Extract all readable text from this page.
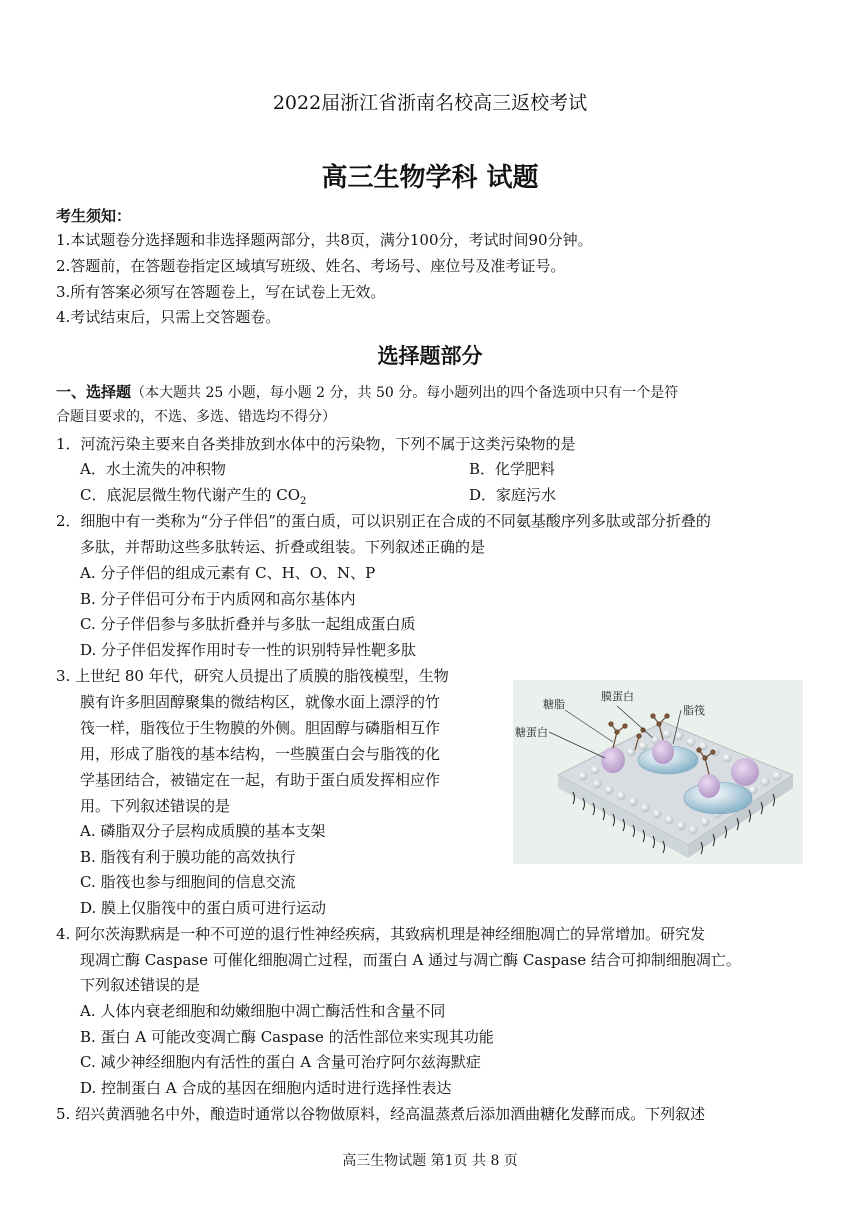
2022届浙江省浙南名校高三返校考试
高三生物学科 试题
考生须知：
1.本试题卷分选择题和非选择题两部分，共8页，满分100分，考试时间90分钟。
2.答题前，在答题卷指定区域填写班级、姓名、考场号、座位号及准考证号。
3.所有答案必须写在答题卷上，写在试卷上无效。
4.考试结束后，只需上交答题卷。
选择题部分
一、选择题（本大题共 25 小题，每小题 2 分，共 50 分。每小题列出的四个备选项中只有一个是符
合题目要求的，不选、多选、错选均不得分）
1．河流污染主要来自各类排放到水体中的污染物，下列不属于这类污染物的是
A．水土流失的冲积物	B．化学肥料
C．底泥层微生物代谢产生的 $CO_2$	D．家庭污水
2．细胞中有一类称为“分子伴侣”的蛋白质，可以识别正在合成的不同氨基酸序列多肽或部分折叠的
多肽，并帮助这些多肽转运、折叠或组装。下列叙述正确的是
A. 分子伴侣的组成元素有 C、H、O、N、P
B. 分子伴侣可分布于内质网和高尔基体内
C. 分子伴侣参与多肽折叠并与多肽一起组成蛋白质
D. 分子伴侣发挥作用时专一性的识别特异性靶多肽
3. 上世纪 80 年代，研究人员提出了质膜的脂筏模型，生物
膜有许多胆固醇聚集的微结构区，就像水面上漂浮的竹
筏一样，脂筏位于生物膜的外侧。胆固醇与磷脂相互作
用，形成了脂筏的基本结构，一些膜蛋白会与脂筏的化
学基团结合，被锚定在一起，有助于蛋白质发挥相应作
用。下列叙述错误的是
A. 磷脂双分子层构成质膜的基本支架
B. 脂筏有利于膜功能的高效执行
C. 脂筏也参与细胞间的信息交流
D. 膜上仅脂筏中的蛋白质可进行运动
糖脂
膜蛋白
脂筏
糖蛋白
4. 阿尔茨海默病是一种不可逆的退行性神经疾病，其致病机理是神经细胞凋亡的异常增加。研究发
现凋亡酶 Caspase 可催化细胞凋亡过程，而蛋白 A 通过与凋亡酶 Caspase 结合可抑制细胞凋亡。
下列叙述错误的是
A. 人体内衰老细胞和幼嫩细胞中凋亡酶活性和含量不同
B. 蛋白 A 可能改变凋亡酶 Caspase 的活性部位来实现其功能
C. 减少神经细胞内有活性的蛋白 A 含量可治疗阿尔兹海默症
D. 控制蛋白 A 合成的基因在细胞内适时进行选择性表达
5. 绍兴黄酒驰名中外，酿造时通常以谷物做原料，经高温蒸煮后添加酒曲糖化发酵而成。下列叙述
高三生物试题 第1页 共 8 页
